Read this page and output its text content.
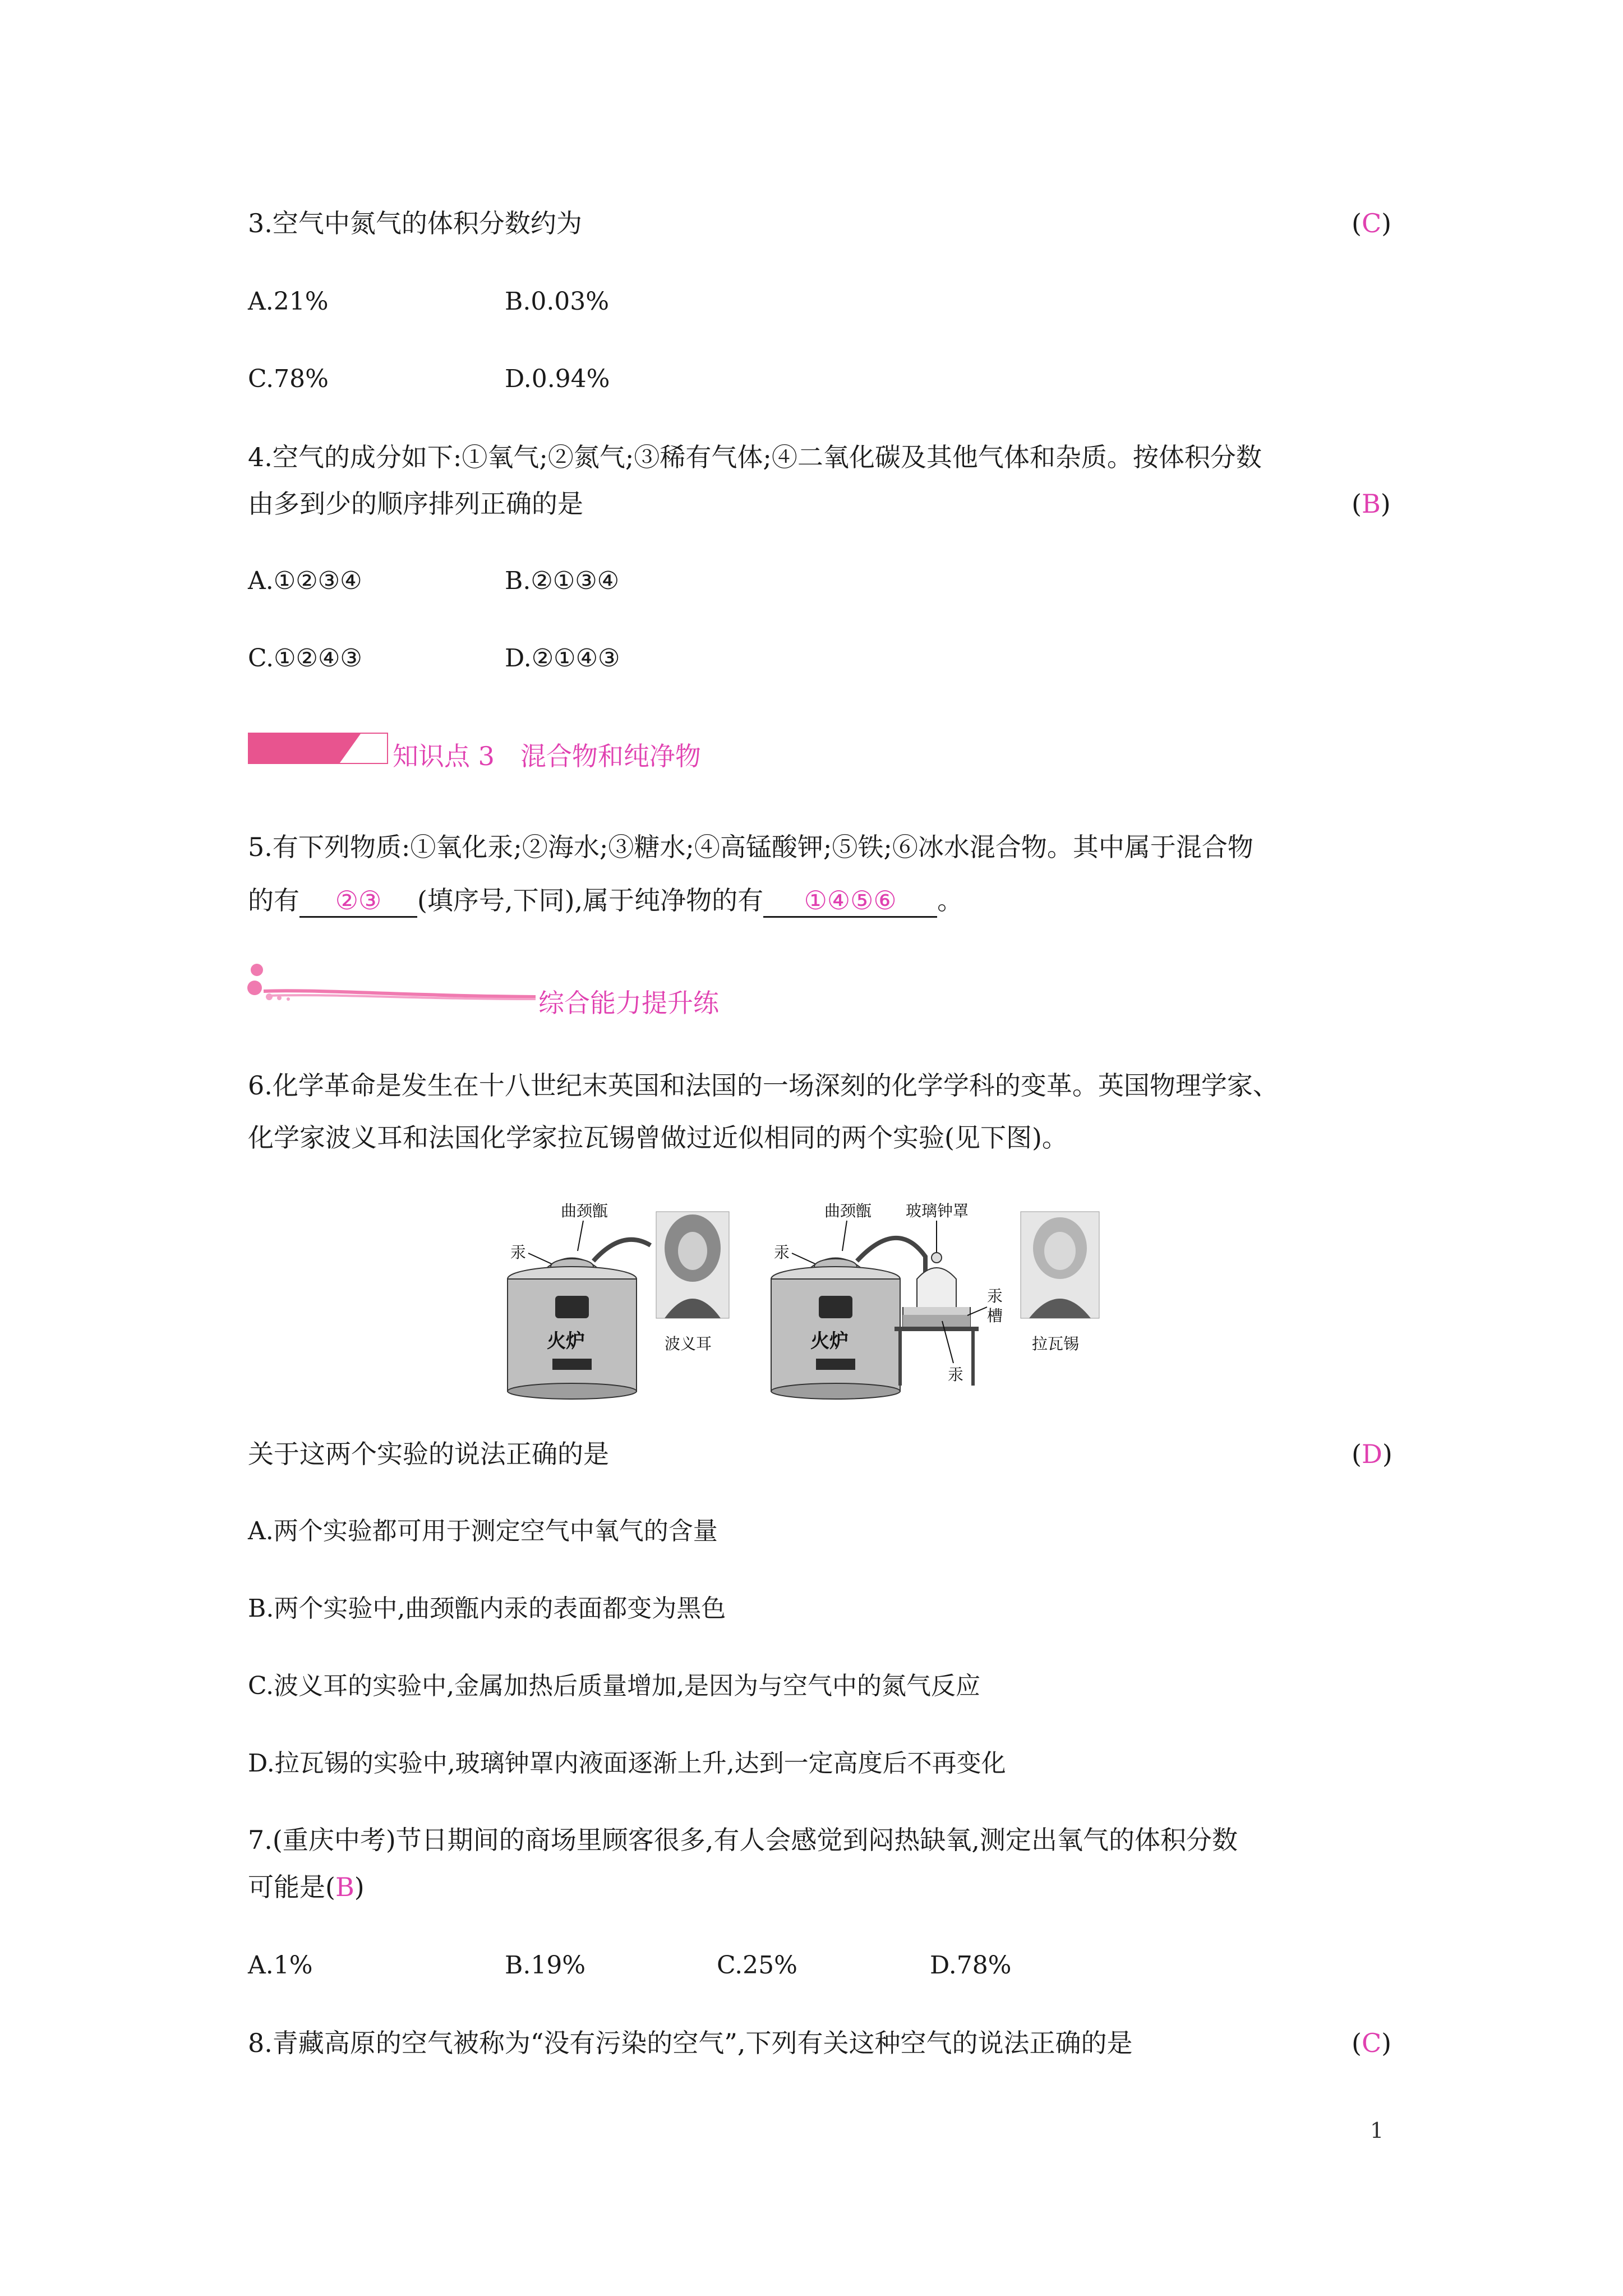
3.空气中氮气的体积分数约为	(C)
A.21%	B.0.03%
C.78%	D.0.94%
4.空气的成分如下:①氧气;②氮气;③稀有气体;④二氧化碳及其他气体和杂质。按体积分数
由多到少的顺序排列正确的是	(B)
A.①②③④	B.②①③④
C.①②④③	D.②①④③
知识点 3　混合物和纯净物
5.有下列物质:①氧化汞;②海水;③糖水;④高锰酸钾;⑤铁;⑥冰水混合物。其中属于混合物
的有 ②③ (填序号,下同),属于纯净物的有 ①④⑤⑥ 。
综合能力提升练
6.化学革命是发生在十八世纪末英国和法国的一场深刻的化学学科的变革。英国物理学家、
化学家波义耳和法国化学家拉瓦锡曾做过近似相同的两个实验(见下图)。
曲颈甑
汞
火炉	波义耳
曲颈甑
汞
火炉
玻璃钟罩
汞
汞
槽
拉瓦锡
关于这两个实验的说法正确的是	(D)
A.两个实验都可用于测定空气中氧气的含量
B.两个实验中,曲颈甑内汞的表面都变为黑色
C.波义耳的实验中,金属加热后质量增加,是因为与空气中的氮气反应
D.拉瓦锡的实验中,玻璃钟罩内液面逐渐上升,达到一定高度后不再变化
7.(重庆中考)节日期间的商场里顾客很多,有人会感觉到闷热缺氧,测定出氧气的体积分数
可能是(B)
A.1%	B.19%	C.25%	D.78%
8.青藏高原的空气被称为“没有污染的空气”,下列有关这种空气的说法正确的是	(C)
1
